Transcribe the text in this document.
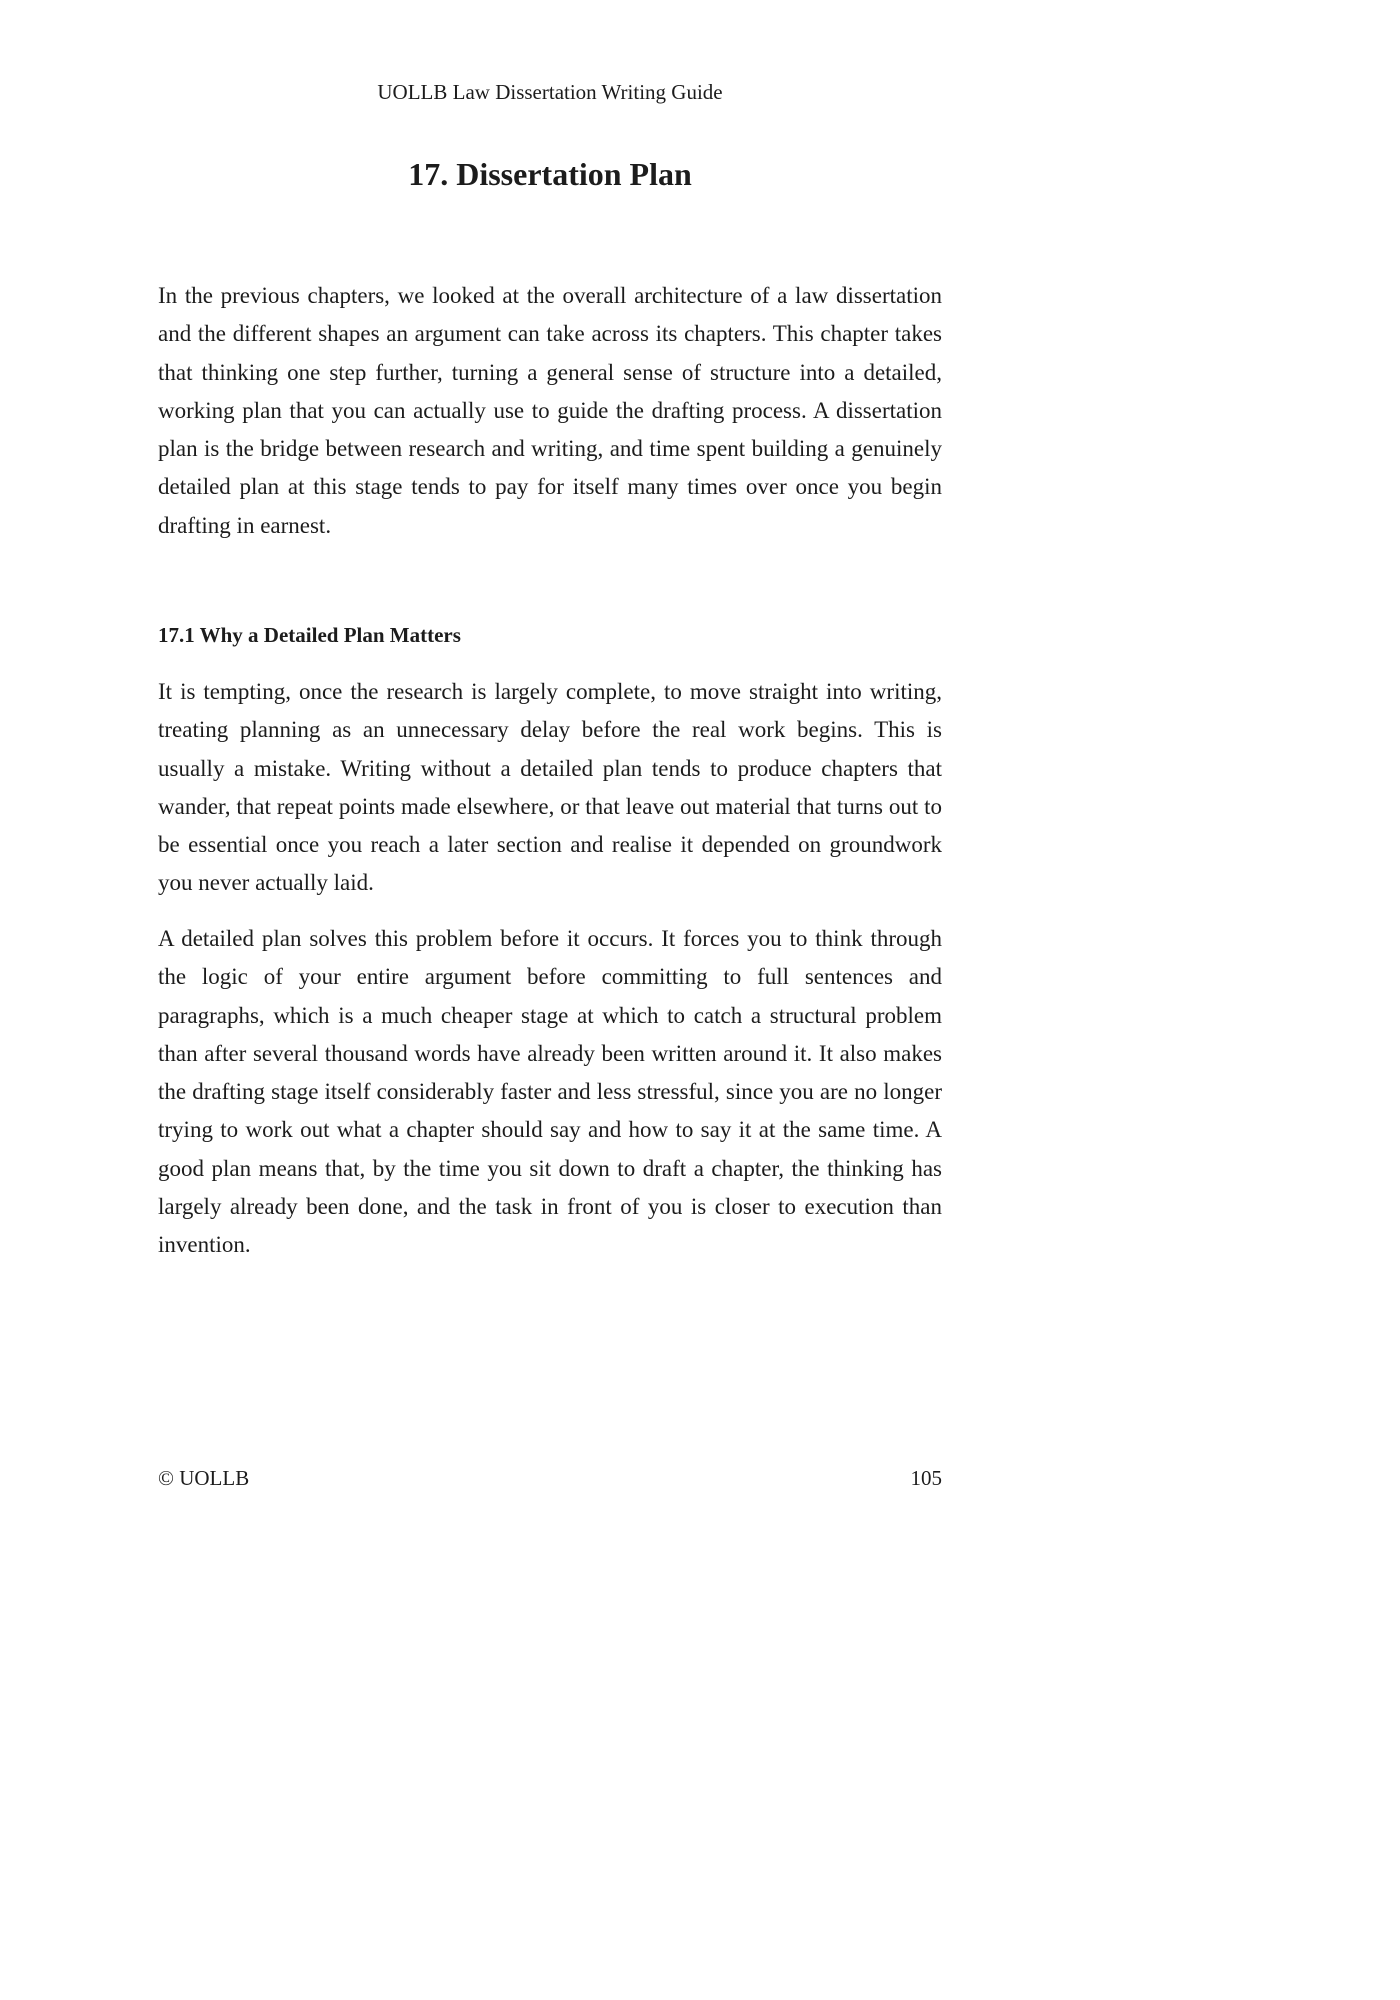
UOLLB Law Dissertation Writing Guide
17. Dissertation Plan

In the previous chapters, we looked at the overall architecture of a law dissertation and the different shapes an argument can take across its chapters. This chapter takes that thinking one step further, turning a general sense of structure into a detailed, working plan that you can actually use to guide the drafting process. A dissertation plan is the bridge between research and writing, and time spent building a genuinely detailed plan at this stage tends to pay for itself many times over once you begin drafting in earnest.

17.1 Why a Detailed Plan Matters

It is tempting, once the research is largely complete, to move straight into writing, treating planning as an unnecessary delay before the real work begins. This is usually a mistake. Writing without a detailed plan tends to produce chapters that wander, that repeat points made elsewhere, or that leave out material that turns out to be essential once you reach a later section and realise it depended on groundwork you never actually laid.

A detailed plan solves this problem before it occurs. It forces you to think through the logic of your entire argument before committing to full sentences and paragraphs, which is a much cheaper stage at which to catch a structural problem than after several thousand words have already been written around it. It also makes the drafting stage itself considerably faster and less stressful, since you are no longer trying to work out what a chapter should say and how to say it at the same time. A good plan means that, by the time you sit down to draft a chapter, the thinking has largely already been done, and the task in front of you is closer to execution than invention.

© UOLLB	105
